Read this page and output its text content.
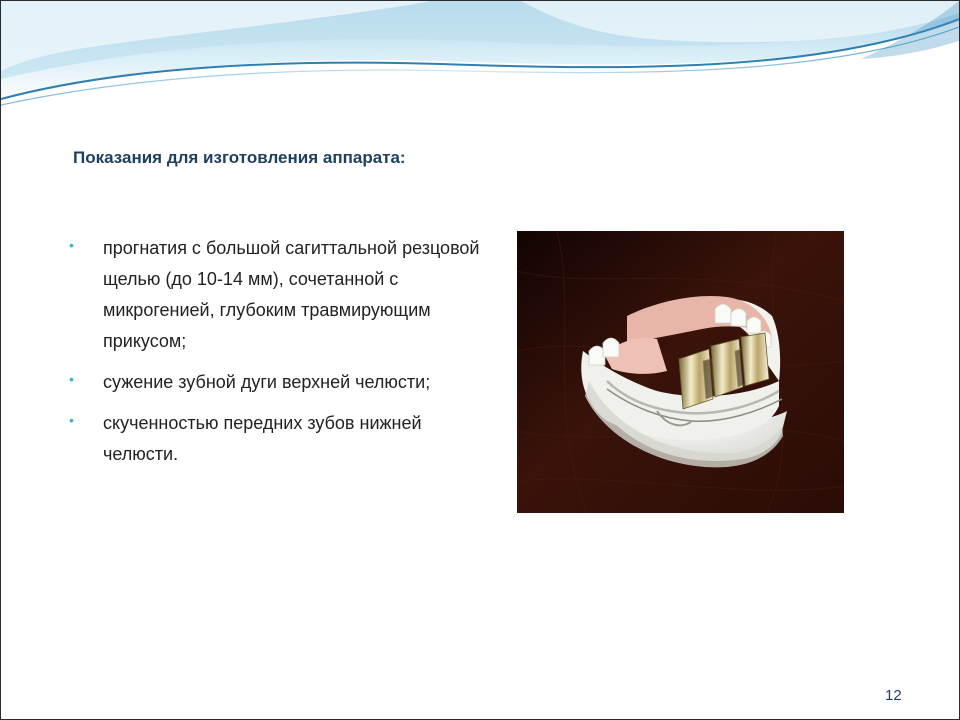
Показания для изготовления аппарата:
• прогнатия с большой сагиттальной резцовой щелью (до 10-14 мм), сочетанной с микрогенией, глубоким травмирующим прикусом;
• сужение зубной дуги верхней челюсти;
• скученностью передних зубов нижней челюсти.
12
